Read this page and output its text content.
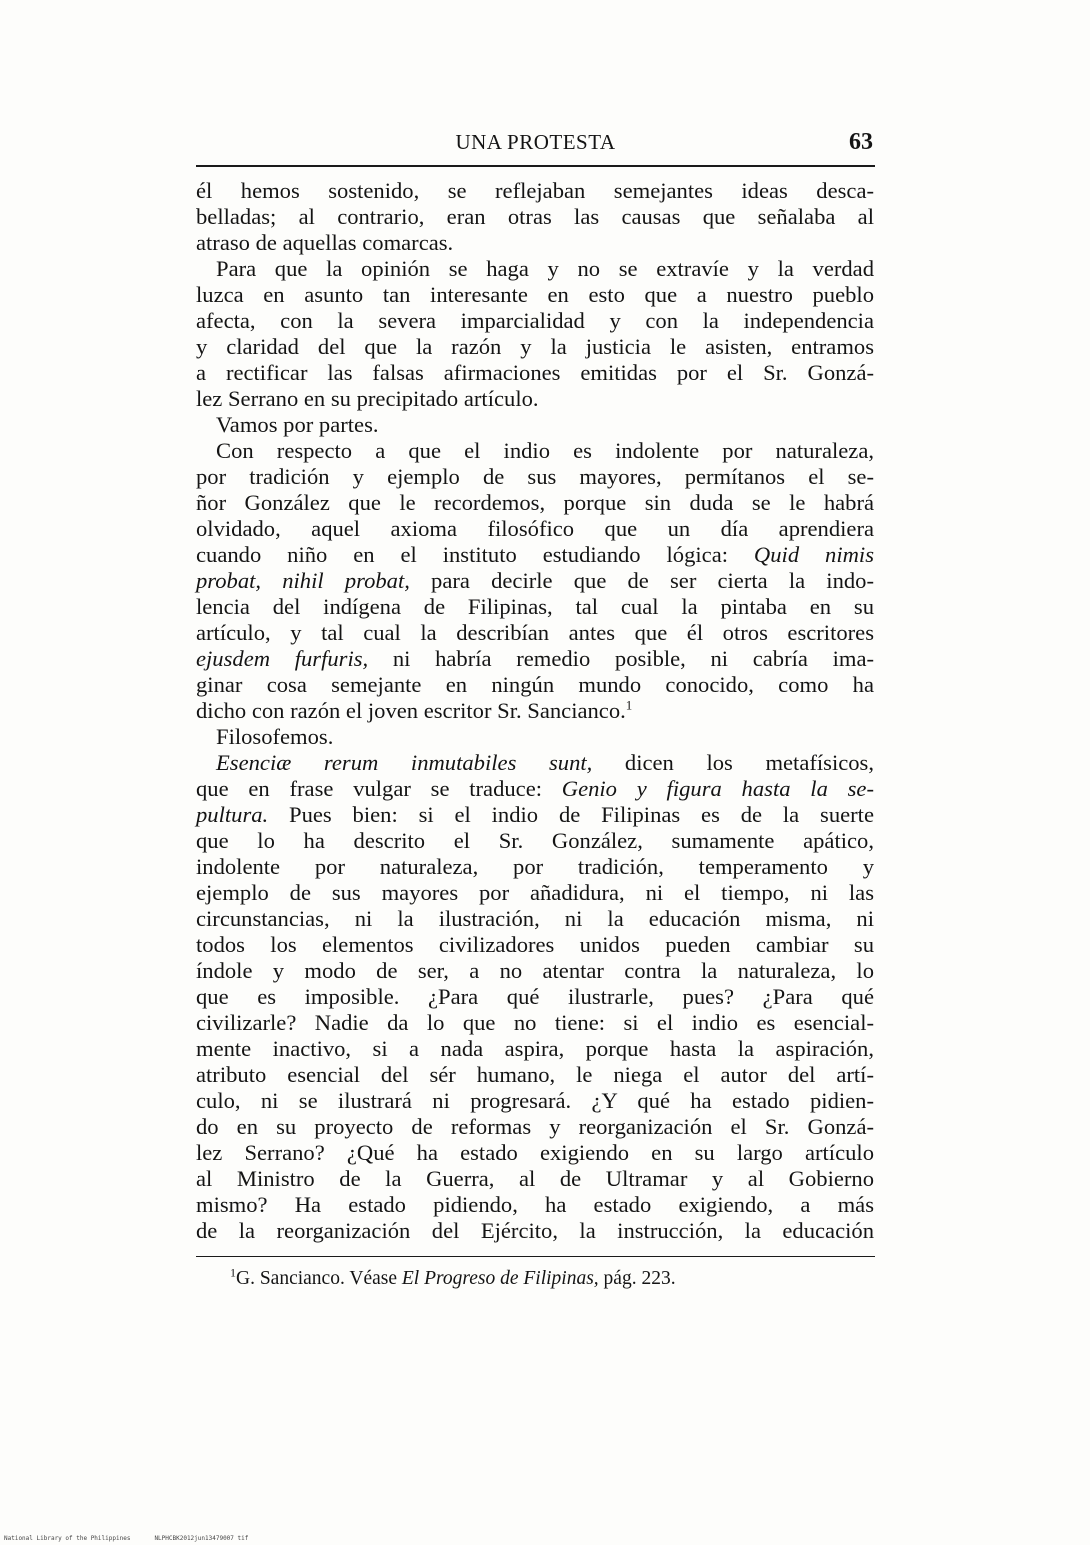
UNA PROTESTA	63
él hemos sostenido, se reflejaban semejantes ideas desca-
belladas; al contrario, eran otras las causas que señalaba al
atraso de aquellas comarcas.
Para que la opinión se haga y no se extravíe y la verdad
luzca en asunto tan interesante en esto que a nuestro pueblo
afecta, con la severa imparcialidad y con la independencia
y claridad del que la razón y la justicia le asisten, entramos
a rectificar las falsas afirmaciones emitidas por el Sr. Gonzá-
lez Serrano en su precipitado artículo.
Vamos por partes.
Con respecto a que el indio es indolente por naturaleza,
por tradición y ejemplo de sus mayores, permítanos el se-
ñor González que le recordemos, porque sin duda se le habrá
olvidado, aquel axioma filosófico que un día aprendiera
cuando niño en el instituto estudiando lógica: Quid nimis
probat, nihil probat, para decirle que de ser cierta la indo-
lencia del indígena de Filipinas, tal cual la pintaba en su
artículo, y tal cual la describían antes que él otros escritores
ejusdem furfuris, ni habría remedio posible, ni cabría ima-
ginar cosa semejante en ningún mundo conocido, como ha
dicho con razón el joven escritor Sr. Sancianco.$^1$
Filosofemos.
Esenciæ rerum inmutabiles sunt, dicen los metafísicos,
que en frase vulgar se traduce: Genio y figura hasta la se-
pultura. Pues bien: si el indio de Filipinas es de la suerte
que lo ha descrito el Sr. González, sumamente apático,
indolente por naturaleza, por tradición, temperamento y
ejemplo de sus mayores por añadidura, ni el tiempo, ni las
circunstancias, ni la ilustración, ni la educación misma, ni
todos los elementos civilizadores unidos pueden cambiar su
índole y modo de ser, a no atentar contra la naturaleza, lo
que es imposible. ¿Para qué ilustrarle, pues? ¿Para qué
civilizarle? Nadie da lo que no tiene: si el indio es esencial-
mente inactivo, si a nada aspira, porque hasta la aspiración,
atributo esencial del sér humano, le niega el autor del artí-
culo, ni se ilustrará ni progresará. ¿Y qué ha estado pidien-
do en su proyecto de reformas y reorganización el Sr. Gonzá-
lez Serrano? ¿Qué ha estado exigiendo en su largo artículo
al Ministro de la Guerra, al de Ultramar y al Gobierno
mismo? Ha estado pidiendo, ha estado exigiendo, a más
de la reorganización del Ejército, la instrucción, la educación
$^1$G. Sancianco. Véase El Progreso de Filipinas, pág. 223.
National Library of the Philippines	NLPHCBK2012jun13479007 tif
